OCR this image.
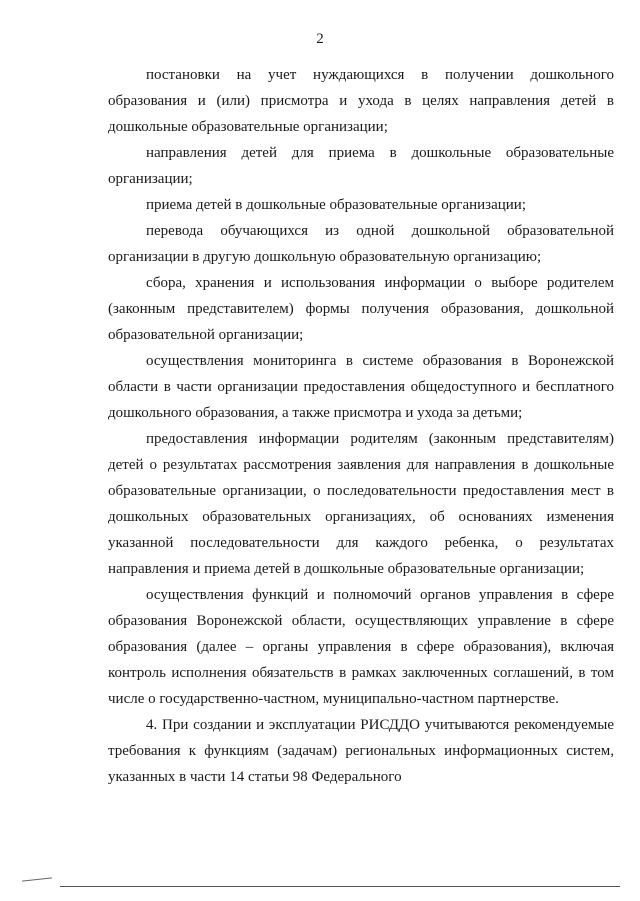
2

постановки на учет нуждающихся в получении дошкольного образования и (или) присмотра и ухода в целях направления детей в дошкольные образовательные организации;

направления детей для приема в дошкольные образовательные организации;

приема детей в дошкольные образовательные организации;

перевода обучающихся из одной дошкольной образовательной организации в другую дошкольную образовательную организацию;

сбора, хранения и использования информации о выборе родителем (законным представителем) формы получения образования, дошкольной образовательной организации;

осуществления мониторинга в системе образования в Воронежской области в части организации предоставления общедоступного и бесплатного дошкольного образования, а также присмотра и ухода за детьми;

предоставления информации родителям (законным представителям) детей о результатах рассмотрения заявления для направления в дошкольные образовательные организации, о последовательности предоставления мест в дошкольных образовательных организациях, об основаниях изменения указанной последовательности для каждого ребенка, о результатах направления и приема детей в дошкольные образовательные организации;

осуществления функций и полномочий органов управления в сфере образования Воронежской области, осуществляющих управление в сфере образования (далее – органы управления в сфере образования), включая контроль исполнения обязательств в рамках заключенных соглашений, в том числе о государственно-частном, муниципально-частном партнерстве.

4. При создании и эксплуатации РИСДДО учитываются рекомендуемые требования к функциям (задачам) региональных информационных систем, указанных в части 14 статьи 98 Федерального
